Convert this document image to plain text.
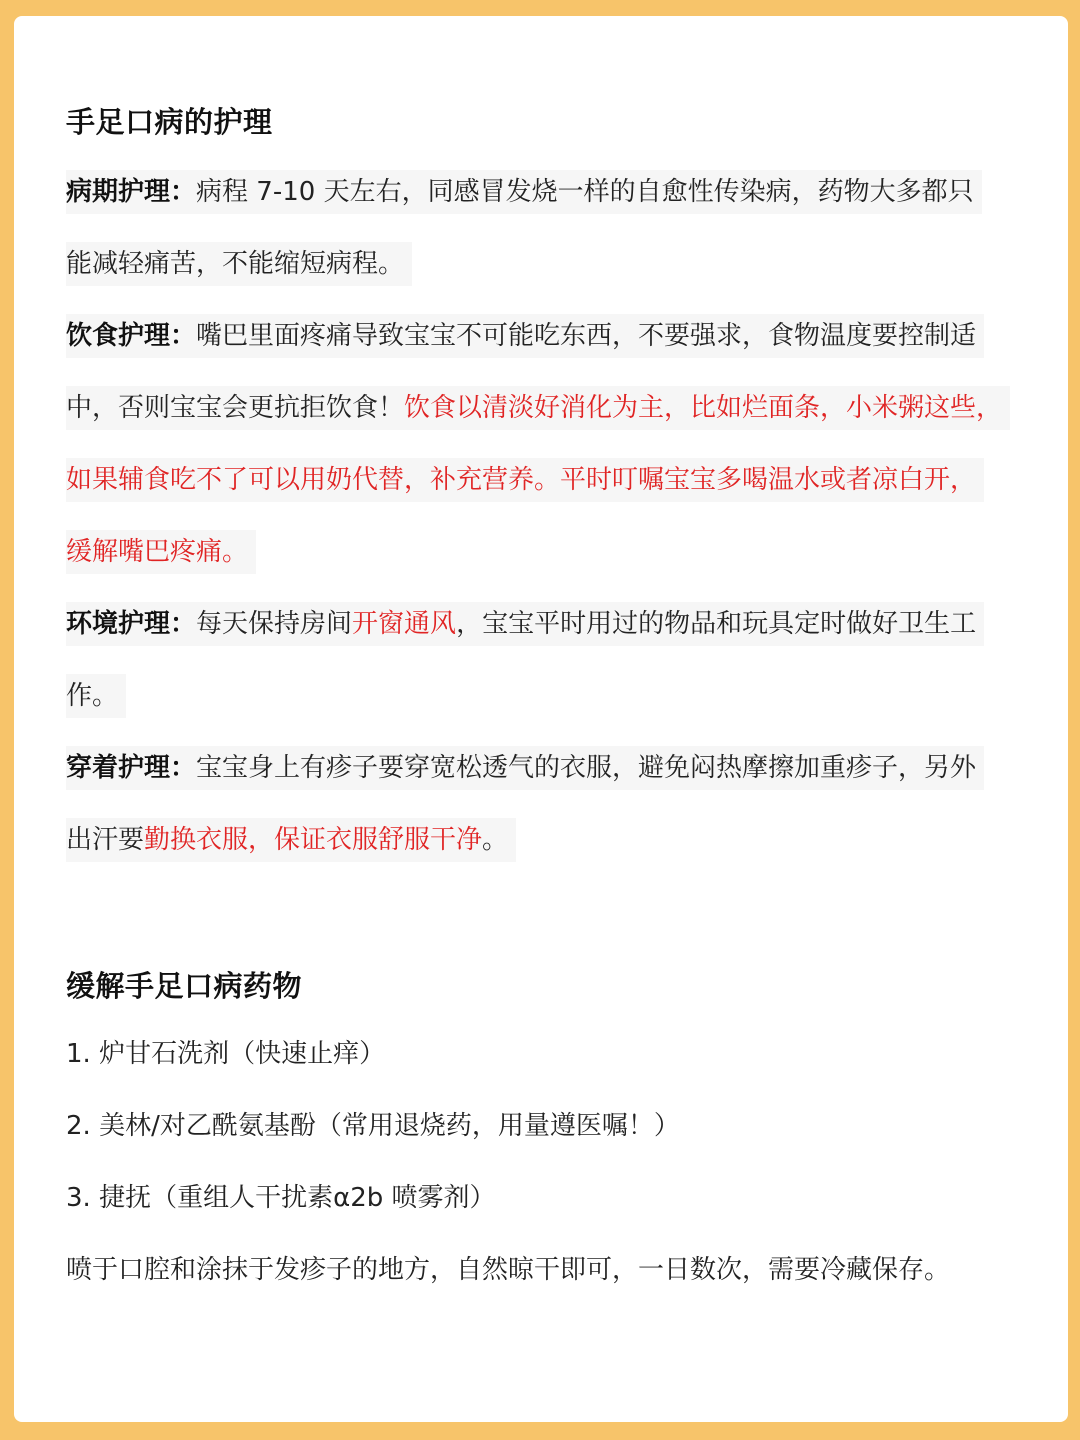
手足口病的护理
病期护理：病程 7-10 天左右，同感冒发烧一样的自愈性传染病，药物大多都只
能减轻痛苦，不能缩短病程。
饮食护理：嘴巴里面疼痛导致宝宝不可能吃东西，不要强求，食物温度要控制适
中，否则宝宝会更抗拒饮食！饮食以清淡好消化为主，比如烂面条，小米粥这些，
如果辅食吃不了可以用奶代替，补充营养。平时叮嘱宝宝多喝温水或者凉白开，
缓解嘴巴疼痛。
环境护理：每天保持房间开窗通风，宝宝平时用过的物品和玩具定时做好卫生工
作。
穿着护理：宝宝身上有疹子要穿宽松透气的衣服，避免闷热摩擦加重疹子，另外
出汗要勤换衣服，保证衣服舒服干净。
缓解手足口病药物
1. 炉甘石洗剂（快速止痒）
2. 美林/对乙酰氨基酚（常用退烧药，用量遵医嘱！）
3. 捷抚（重组人干扰素α2b 喷雾剂）
喷于口腔和涂抹于发疹子的地方，自然晾干即可，一日数次，需要冷藏保存。
